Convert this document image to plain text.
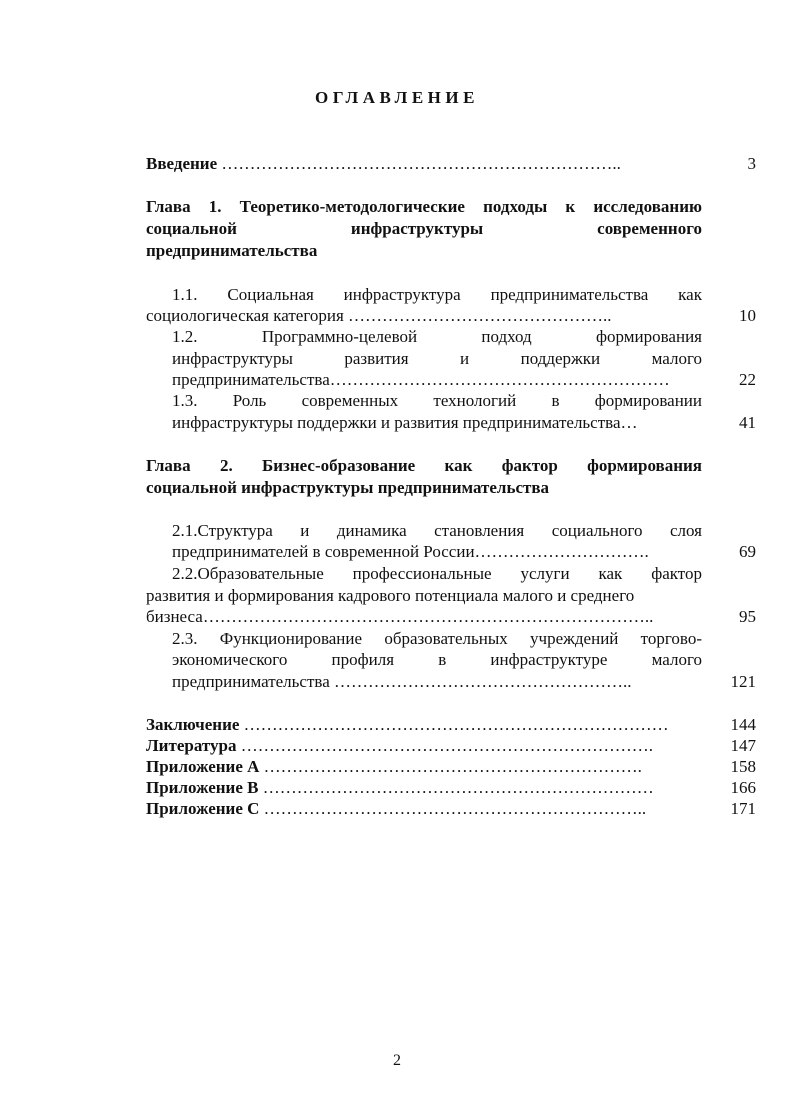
ОГЛАВЛЕНИЕ
Введение ……………………………………………………………..	3
Глава 1. Теоретико-методологические подходы к исследованию
социальной инфраструктуры современного
предпринимательства
1.1. Социальная инфраструктура предпринимательства как
социологическая категория ………………………………………..	10
1.2. Программно-целевой подход формирования
инфраструктуры развития и поддержки малого
предпринимательства……………………………………………………	22
1.3. Роль современных технологий в формировании
инфраструктуры поддержки и развития предпринимательства…	41
Глава 2. Бизнес-образование как фактор формирования
социальной инфраструктуры предпринимательства
2.1.Структура и динамика становления социального слоя
предпринимателей в современной России………………………….	69
2.2.Образовательные профессиональные услуги как фактор
развития и формирования кадрового потенциала малого и среднего
бизнеса……………………………………………………………………..	95
2.3. Функционирование образовательных учреждений торгово-
экономического профиля в инфраструктуре малого
предпринимательства ……………………………………………..	121
Заключение …………………………………………………………………	144
Литература ……………………………………………………………….	147
Приложение А ………………………………………………………….	158
Приложение В ……………………………………………………………	166
Приложение С …………………………………………………………..	171
2
